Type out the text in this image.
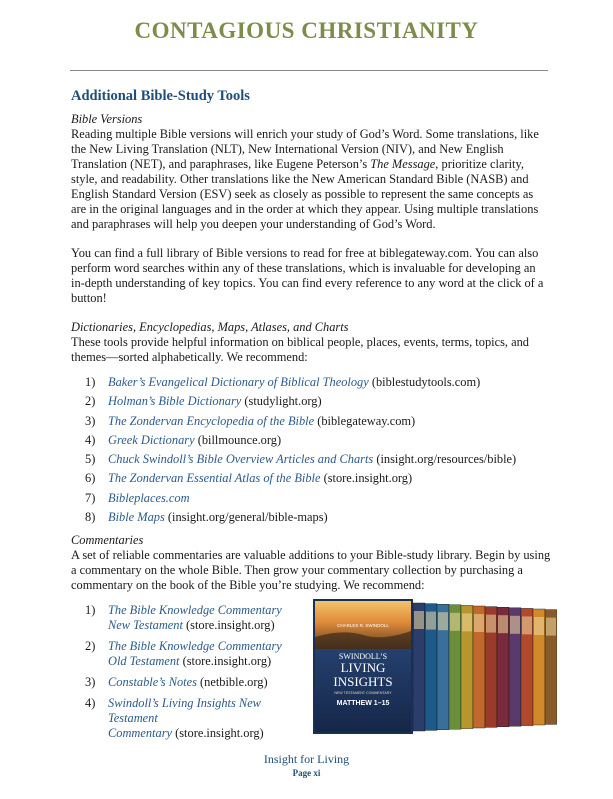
CONTAGIOUS CHRISTIANITY
Additional Bible-Study Tools

Bible Versions

Reading multiple Bible versions will enrich your study of God’s Word. Some translations, like the New Living Translation (NLT), New International Version (NIV), and New English Translation (NET), and paraphrases, like Eugene Peterson’s The Message, prioritize clarity, style, and readability. Other translations like the New American Standard Bible (NASB) and English Standard Version (ESV) seek as closely as possible to represent the same concepts as are in the original languages and in the order at which they appear. Using multiple translations and paraphrases will help you deepen your understanding of God’s Word.

You can find a full library of Bible versions to read for free at biblegateway.com. You can also perform word searches within any of these translations, which is invaluable for developing an in-depth understanding of key topics. You can find every reference to any word at the click of a button!

Dictionaries, Encyclopedias, Maps, Atlases, and Charts

These tools provide helpful information on biblical people, places, events, terms, topics, and themes—sorted alphabetically. We recommend:

1) Baker’s Evangelical Dictionary of Biblical Theology (biblestudytools.com)
2) Holman’s Bible Dictionary (studylight.org)
3) The Zondervan Encyclopedia of the Bible (biblegateway.com)
4) Greek Dictionary (billmounce.org)
5) Chuck Swindoll’s Bible Overview Articles and Charts (insight.org/resources/bible)
6) The Zondervan Essential Atlas of the Bible (store.insight.org)
7) Bibleplaces.com
8) Bible Maps (insight.org/general/bible-maps)

Commentaries

A set of reliable commentaries are valuable additions to your Bible-study library. Begin by using a commentary on the whole Bible. Then grow your commentary collection by purchasing a commentary on the book of the Bible you’re studying. We recommend:

1) The Bible Knowledge Commentary
New Testament (store.insight.org)
2) The Bible Knowledge Commentary
Old Testament (store.insight.org)
3) Constable’s Notes (netbible.org)
4) Swindoll’s Living Insights New Testament
Commentary (store.insight.org)
CHARLES R. SWINDOLL
SWINDOLL’S
LIVING
INSIGHTS
NEW TESTAMENT COMMENTARY
MATTHEW 1–15
Insight for Living
Page xi
